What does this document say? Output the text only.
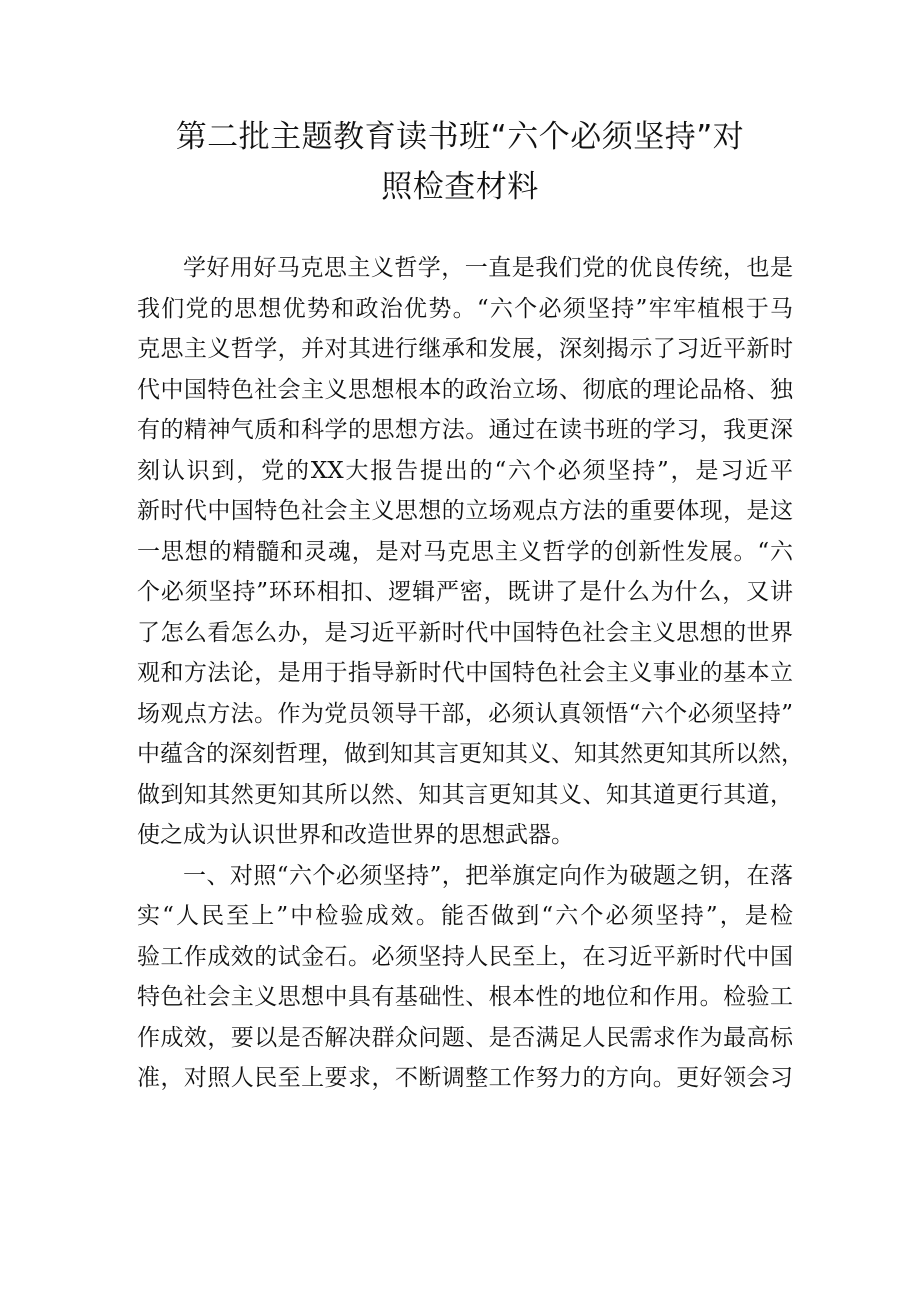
第二批主题教育读书班“六个必须坚持”对
照检查材料
学好用好马克思主义哲学，一直是我们党的优良传统，也是
我们党的思想优势和政治优势。“六个必须坚持”牢牢植根于马
克思主义哲学，并对其进行继承和发展，深刻揭示了习近平新时
代中国特色社会主义思想根本的政治立场、彻底的理论品格、独
有的精神气质和科学的思想方法。通过在读书班的学习，我更深
刻认识到，党的XX大报告提出的“六个必须坚持”，是习近平
新时代中国特色社会主义思想的立场观点方法的重要体现，是这
一思想的精髓和灵魂，是对马克思主义哲学的创新性发展。“六
个必须坚持”环环相扣、逻辑严密，既讲了是什么为什么，又讲
了怎么看怎么办，是习近平新时代中国特色社会主义思想的世界
观和方法论，是用于指导新时代中国特色社会主义事业的基本立
场观点方法。作为党员领导干部，必须认真领悟“六个必须坚持”
中蕴含的深刻哲理，做到知其言更知其义、知其然更知其所以然，
做到知其然更知其所以然、知其言更知其义、知其道更行其道，
使之成为认识世界和改造世界的思想武器。
一、对照“六个必须坚持”，把举旗定向作为破题之钥，在落
实“人民至上”中检验成效。能否做到“六个必须坚持”，是检
验工作成效的试金石。必须坚持人民至上，在习近平新时代中国
特色社会主义思想中具有基础性、根本性的地位和作用。检验工
作成效，要以是否解决群众问题、是否满足人民需求作为最高标
准，对照人民至上要求，不断调整工作努力的方向。更好领会习
